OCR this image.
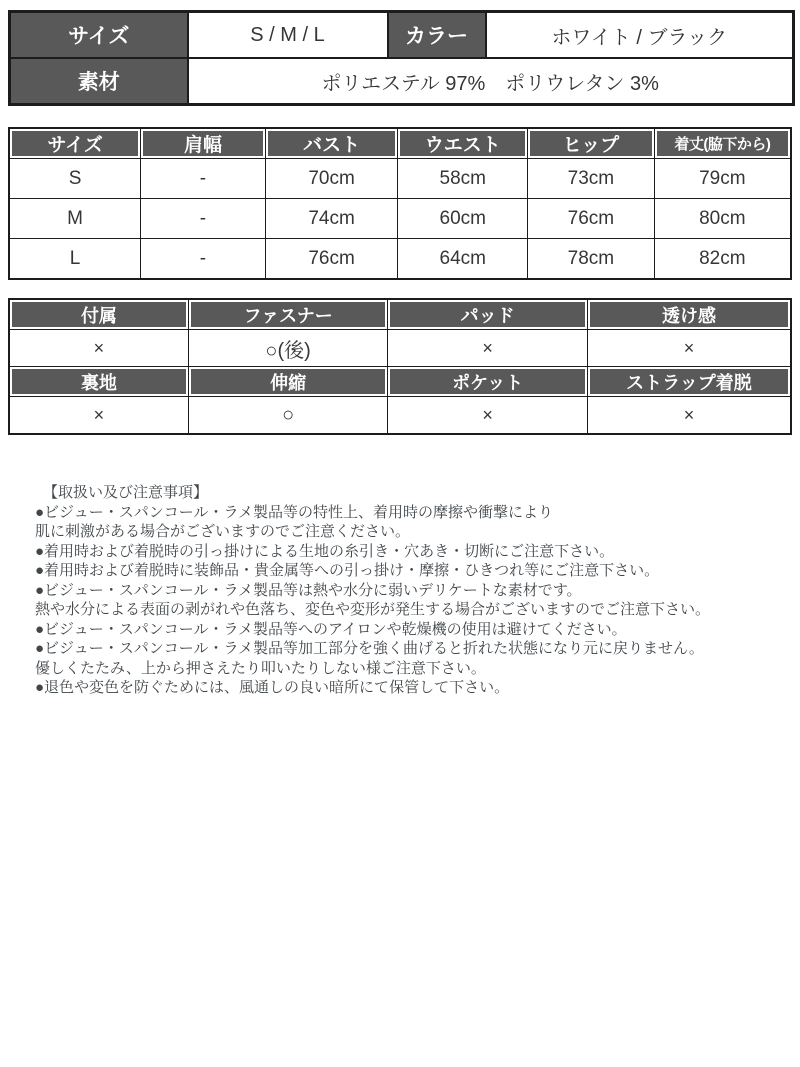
サイズ	S / M / L	カラー	ホワイト / ブラック
素材	ポリエステル 97%　ポリウレタン 3%		
サイズ	肩幅	バスト	ウエスト	ヒップ	着丈(脇下から)
S	-	70cm	58cm	73cm	79cm
M	-	74cm	60cm	76cm	80cm
L	-	76cm	64cm	78cm	82cm
付属	ファスナー	パッド	透け感
×	○(後)	×	×
裏地	伸縮	ポケット	ストラップ着脱
×	○	×	×
【取扱い及び注意事項】
●ビジュー・スパンコール・ラメ製品等の特性上、着用時の摩擦や衝撃により
肌に刺激がある場合がございますのでご注意ください。
●着用時および着脱時の引っ掛けによる生地の糸引き・穴あき・切断にご注意下さい。
●着用時および着脱時に装飾品・貴金属等への引っ掛け・摩擦・ひきつれ等にご注意下さい。
●ビジュー・スパンコール・ラメ製品等は熱や水分に弱いデリケートな素材です。
熱や水分による表面の剥がれや色落ち、変色や変形が発生する場合がございますのでご注意下さい。
●ビジュー・スパンコール・ラメ製品等へのアイロンや乾燥機の使用は避けてください。
●ビジュー・スパンコール・ラメ製品等加工部分を強く曲げると折れた状態になり元に戻りません。
優しくたたみ、上から押さえたり叩いたりしない様ご注意下さい。
●退色や変色を防ぐためには、風通しの良い暗所にて保管して下さい。
